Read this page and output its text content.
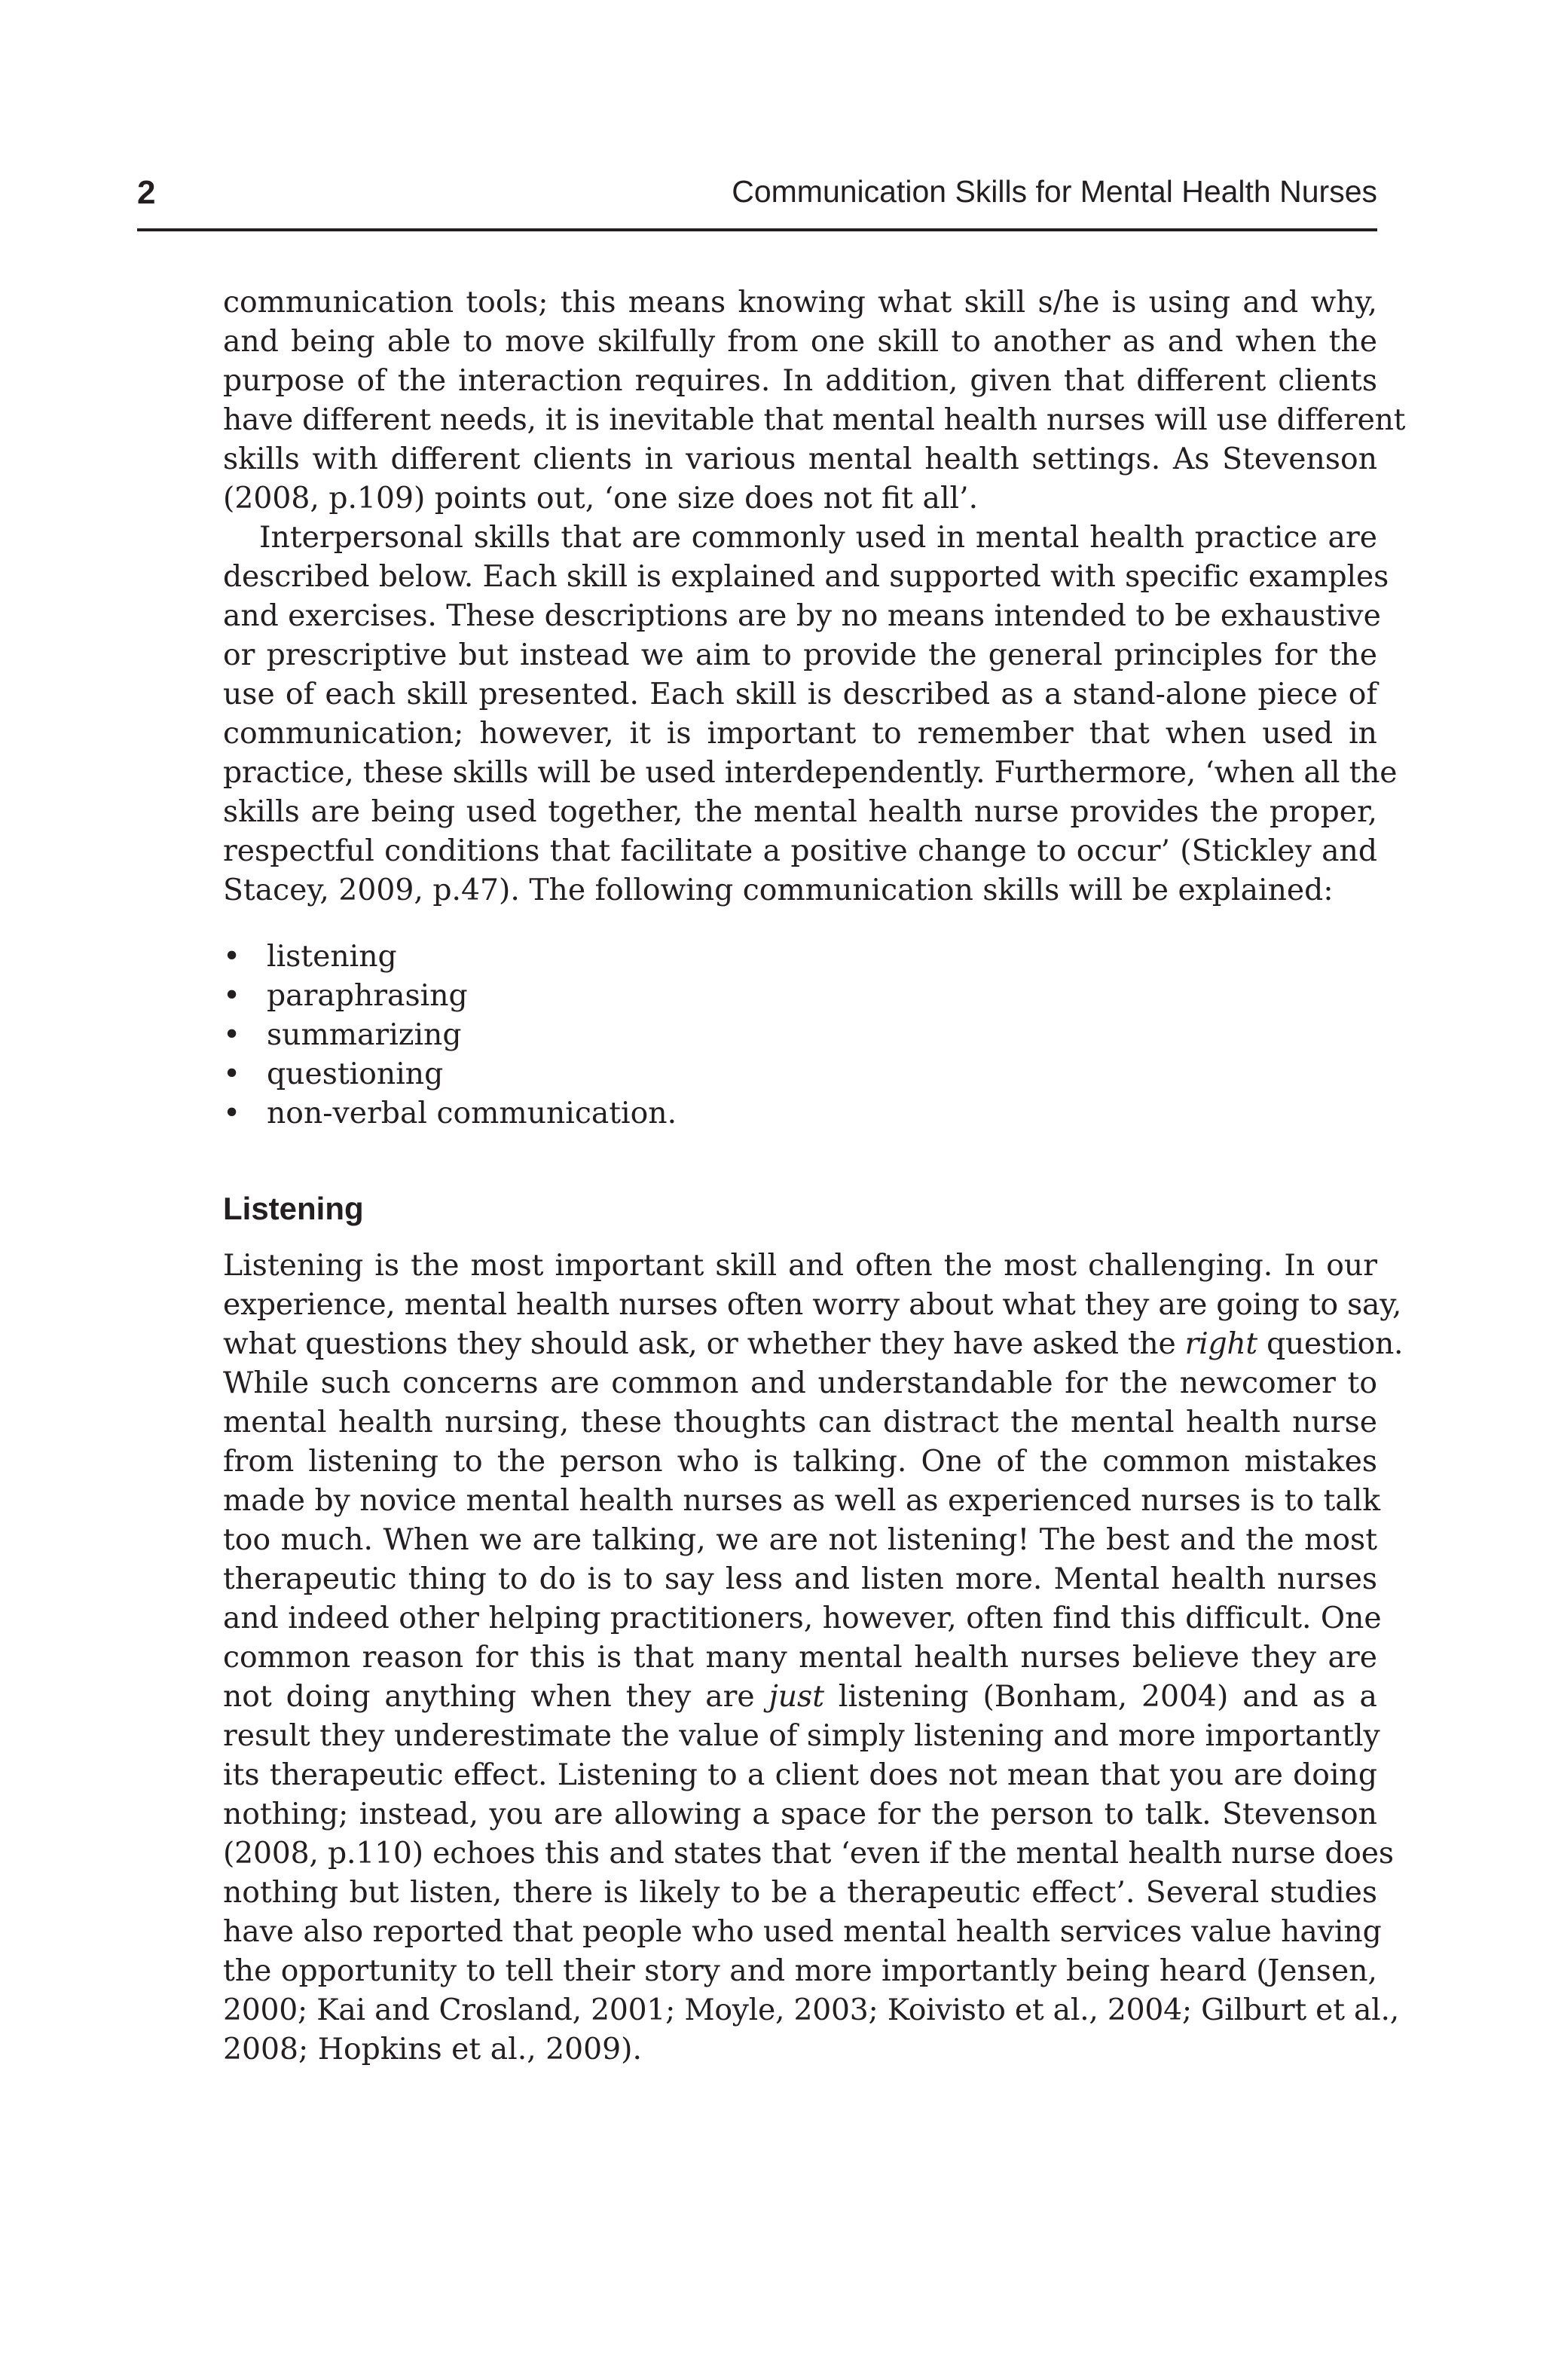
2	Communication Skills for Mental Health Nurses

communication tools; this means knowing what skill s/he is using and why,
and being able to move skilfully from one skill to another as and when the
purpose of the interaction requires. In addition, given that different clients
have different needs, it is inevitable that mental health nurses will use different
skills with different clients in various mental health settings. As Stevenson
(2008, p.109) points out, ‘one size does not fit all’.

Interpersonal skills that are commonly used in mental health practice are
described below. Each skill is explained and supported with specific examples
and exercises. These descriptions are by no means intended to be exhaustive
or prescriptive but instead we aim to provide the general principles for the
use of each skill presented. Each skill is described as a stand-alone piece of
communication; however, it is important to remember that when used in
practice, these skills will be used interdependently. Furthermore, ‘when all the
skills are being used together, the mental health nurse provides the proper,
respectful conditions that facilitate a positive change to occur’ (Stickley and
Stacey, 2009, p.47). The following communication skills will be explained:

• listening
• paraphrasing
• summarizing
• questioning
• non-verbal communication.
Listening

Listening is the most important skill and often the most challenging. In our
experience, mental health nurses often worry about what they are going to say,
what questions they should ask, or whether they have asked the right question.
While such concerns are common and understandable for the newcomer to
mental health nursing, these thoughts can distract the mental health nurse
from listening to the person who is talking. One of the common mistakes
made by novice mental health nurses as well as experienced nurses is to talk
too much. When we are talking, we are not listening! The best and the most
therapeutic thing to do is to say less and listen more. Mental health nurses
and indeed other helping practitioners, however, often find this difficult. One
common reason for this is that many mental health nurses believe they are
not doing anything when they are just listening (Bonham, 2004) and as a
result they underestimate the value of simply listening and more importantly
its therapeutic effect. Listening to a client does not mean that you are doing
nothing; instead, you are allowing a space for the person to talk. Stevenson
(2008, p.110) echoes this and states that ‘even if the mental health nurse does
nothing but listen, there is likely to be a therapeutic effect’. Several studies
have also reported that people who used mental health services value having
the opportunity to tell their story and more importantly being heard (Jensen,
2000; Kai and Crosland, 2001; Moyle, 2003; Koivisto et al., 2004; Gilburt et al.,
2008; Hopkins et al., 2009).
